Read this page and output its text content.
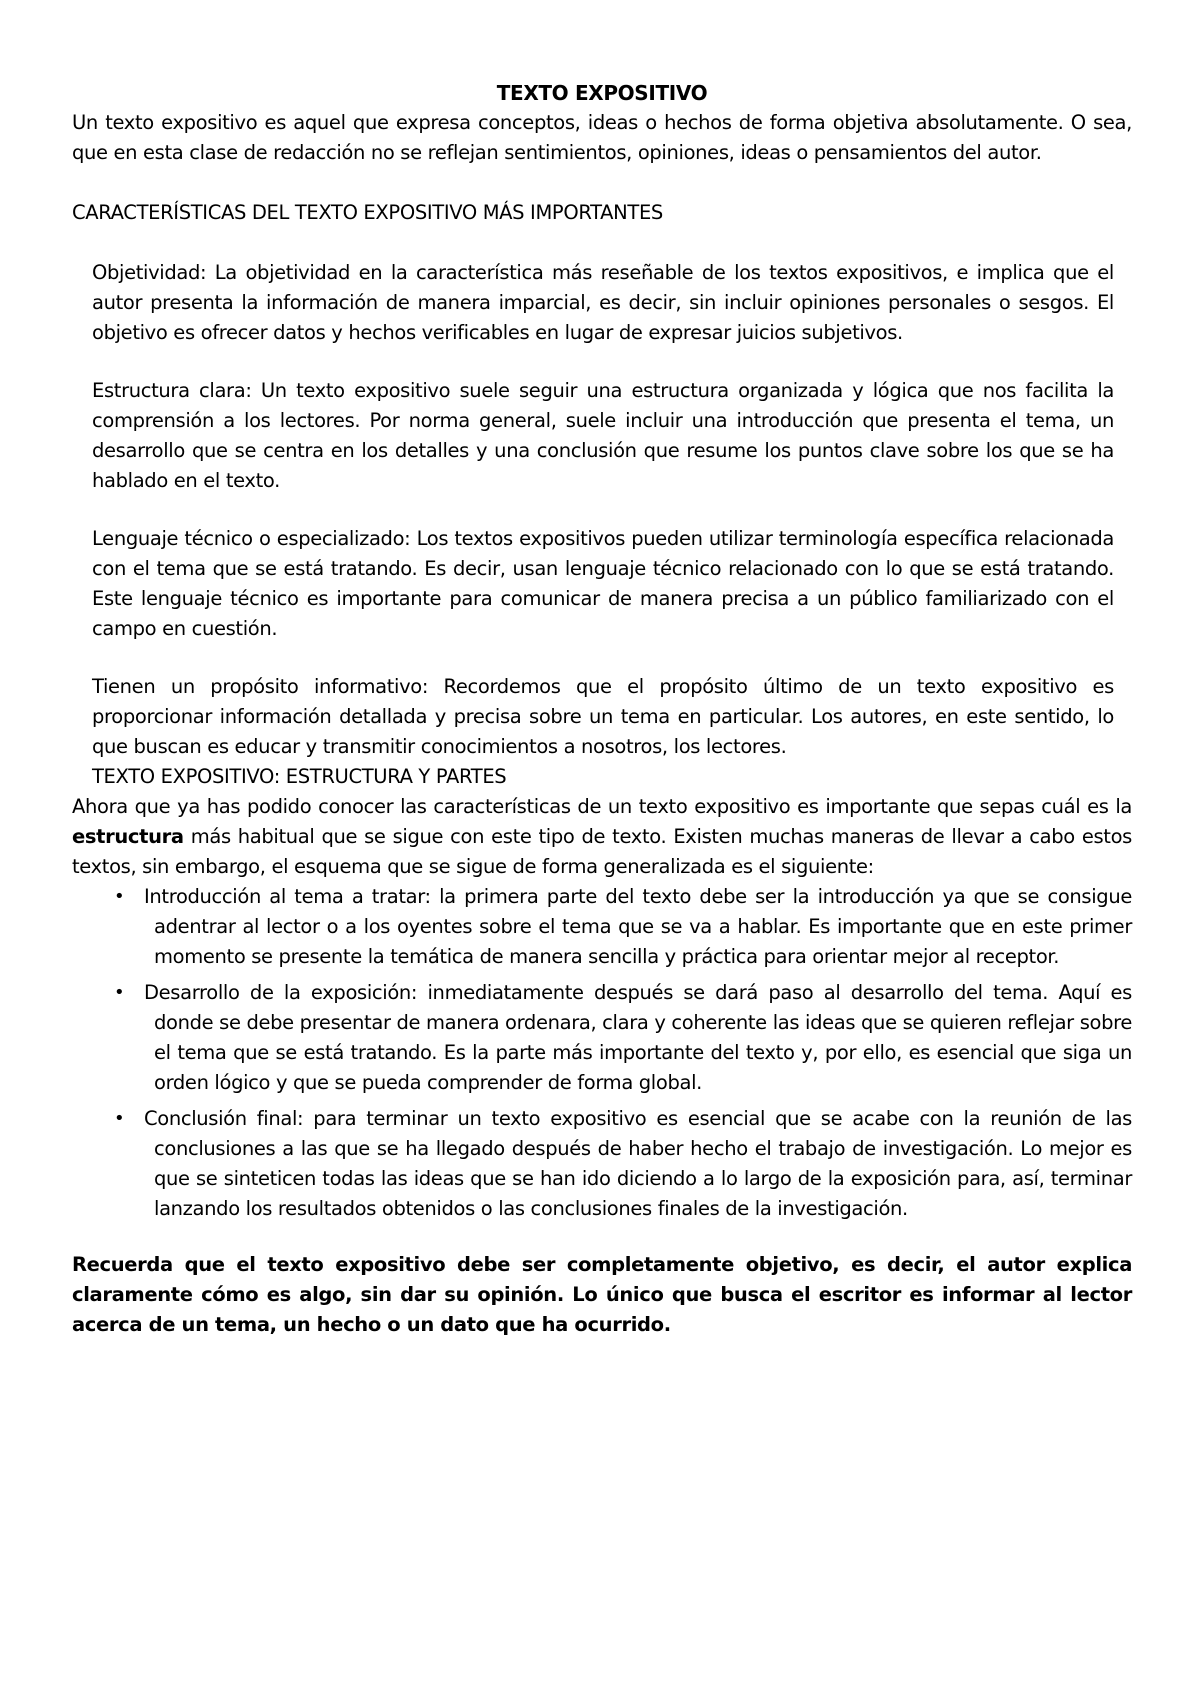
TEXTO EXPOSITIVO

Un texto expositivo es aquel que expresa conceptos, ideas o hechos de forma objetiva absolutamente. O sea, que en esta clase de redacción no se reflejan sentimientos, opiniones, ideas o pensamientos del autor.

CARACTERÍSTICAS DEL TEXTO EXPOSITIVO MÁS IMPORTANTES

Objetividad: La objetividad en la característica más reseñable de los textos expositivos, e implica que el autor presenta la información de manera imparcial, es decir, sin incluir opiniones personales o sesgos. El objetivo es ofrecer datos y hechos verificables en lugar de expresar juicios subjetivos.

Estructura clara: Un texto expositivo suele seguir una estructura organizada y lógica que nos facilita la comprensión a los lectores. Por norma general, suele incluir una introducción que presenta el tema, un desarrollo que se centra en los detalles y una conclusión que resume los puntos clave sobre los que se ha hablado en el texto.

Lenguaje técnico o especializado: Los textos expositivos pueden utilizar terminología específica relacionada con el tema que se está tratando. Es decir, usan lenguaje técnico relacionado con lo que se está tratando. Este lenguaje técnico es importante para comunicar de manera precisa a un público familiarizado con el campo en cuestión.

Tienen un propósito informativo: Recordemos que el propósito último de un texto expositivo es proporcionar información detallada y precisa sobre un tema en particular. Los autores, en este sentido, lo que buscan es educar y transmitir conocimientos a nosotros, los lectores.

TEXTO EXPOSITIVO: ESTRUCTURA Y PARTES

Ahora que ya has podido conocer las características de un texto expositivo es importante que sepas cuál es la estructura más habitual que se sigue con este tipo de texto. Existen muchas maneras de llevar a cabo estos textos, sin embargo, el esquema que se sigue de forma generalizada es el siguiente:

• Introducción al tema a tratar: la primera parte del texto debe ser la introducción ya que se consigue adentrar al lector o a los oyentes sobre el tema que se va a hablar. Es importante que en este primer momento se presente la temática de manera sencilla y práctica para orientar mejor al receptor.
• Desarrollo de la exposición: inmediatamente después se dará paso al desarrollo del tema. Aquí es donde se debe presentar de manera ordenara, clara y coherente las ideas que se quieren reflejar sobre el tema que se está tratando. Es la parte más importante del texto y, por ello, es esencial que siga un orden lógico y que se pueda comprender de forma global.
• Conclusión final: para terminar un texto expositivo es esencial que se acabe con la reunión de las conclusiones a las que se ha llegado después de haber hecho el trabajo de investigación. Lo mejor es que se sinteticen todas las ideas que se han ido diciendo a lo largo de la exposición para, así, terminar lanzando los resultados obtenidos o las conclusiones finales de la investigación.

Recuerda que el texto expositivo debe ser completamente objetivo, es decir, el autor explica claramente cómo es algo, sin dar su opinión. Lo único que busca el escritor es informar al lector acerca de un tema, un hecho o un dato que ha ocurrido.
